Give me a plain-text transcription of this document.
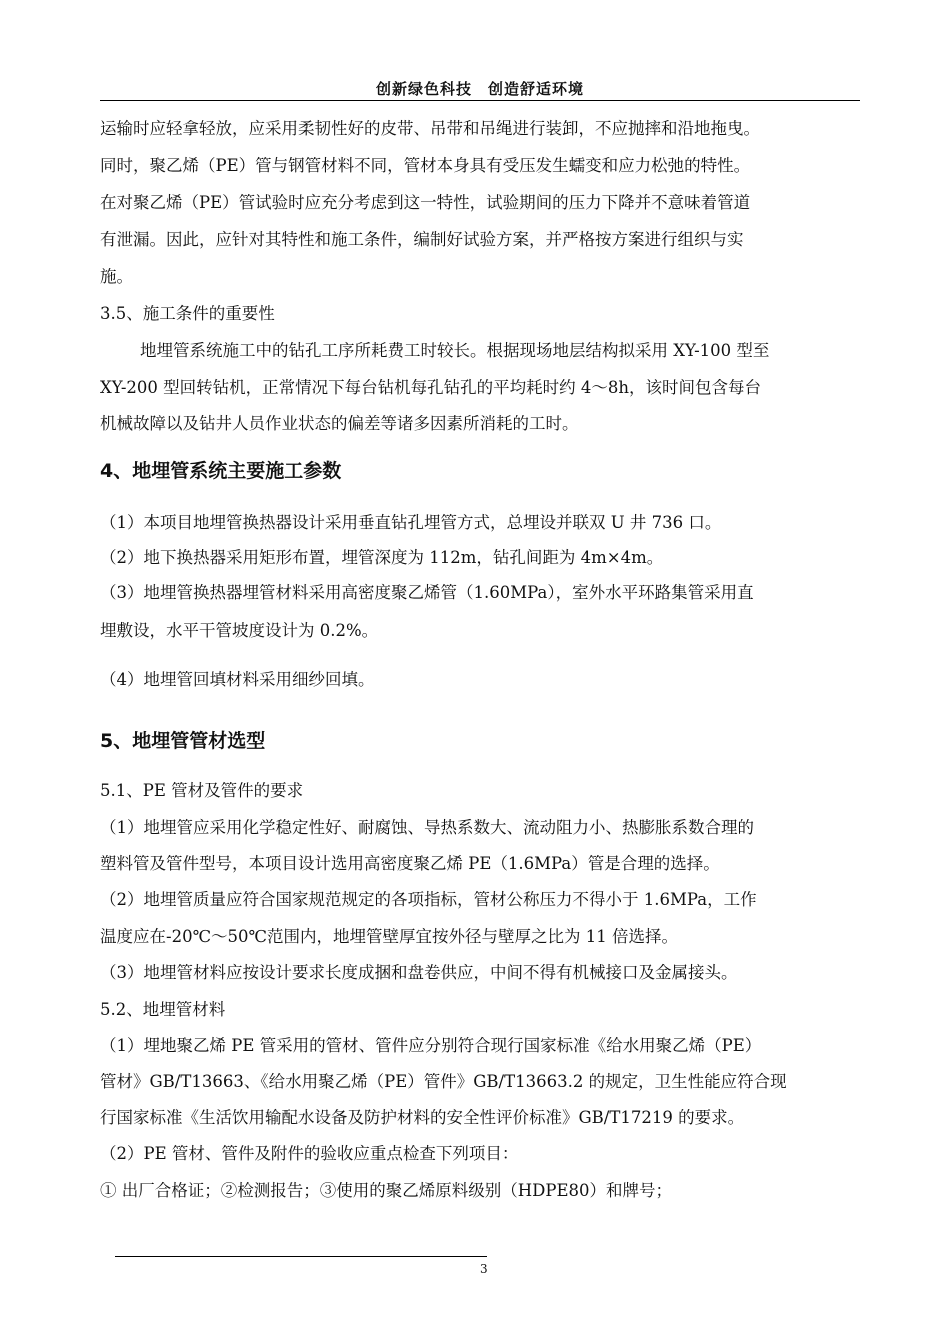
创新绿色科技　创造舒适环境
运输时应轻拿轻放，应采用柔韧性好的皮带、吊带和吊绳进行装卸，不应抛摔和沿地拖曳。
同时，聚乙烯（PE）管与钢管材料不同，管材本身具有受压发生蠕变和应力松弛的特性。
在对聚乙烯（PE）管试验时应充分考虑到这一特性，试验期间的压力下降并不意味着管道
有泄漏。因此，应针对其特性和施工条件，编制好试验方案，并严格按方案进行组织与实
施。
3.5、施工条件的重要性
地埋管系统施工中的钻孔工序所耗费工时较长。根据现场地层结构拟采用 XY-100 型至
XY-200 型回转钻机，正常情况下每台钻机每孔钻孔的平均耗时约 4～8h，该时间包含每台
机械故障以及钻井人员作业状态的偏差等诸多因素所消耗的工时。
4、地埋管系统主要施工参数
（1）本项目地埋管换热器设计采用垂直钻孔埋管方式，总埋设并联双 U 井 736 口。
（2）地下换热器采用矩形布置，埋管深度为 112m，钻孔间距为 4m×4m。
（3）地埋管换热器埋管材料采用高密度聚乙烯管（1.60MPa），室外水平环路集管采用直
埋敷设，水平干管坡度设计为 0.2%。
（4）地埋管回填材料采用细纱回填。
5、地埋管管材选型
5.1、PE 管材及管件的要求
（1）地埋管应采用化学稳定性好、耐腐蚀、导热系数大、流动阻力小、热膨胀系数合理的
塑料管及管件型号，本项目设计选用高密度聚乙烯 PE（1.6MPa）管是合理的选择。
（2）地埋管质量应符合国家规范规定的各项指标，管材公称压力不得小于 1.6MPa，工作
温度应在-20℃～50℃范围内，地埋管壁厚宜按外径与壁厚之比为 11 倍选择。
（3）地埋管材料应按设计要求长度成捆和盘卷供应，中间不得有机械接口及金属接头。
5.2、地埋管材料
（1）埋地聚乙烯 PE 管采用的管材、管件应分别符合现行国家标准《给水用聚乙烯（PE）
管材》GB/T13663、《给水用聚乙烯（PE）管件》GB/T13663.2 的规定，卫生性能应符合现
行国家标准《生活饮用输配水设备及防护材料的安全性评价标准》GB/T17219 的要求。
（2）PE 管材、管件及附件的验收应重点检查下列项目：
① 出厂合格证；②检测报告；③使用的聚乙烯原料级别（HDPE80）和牌号；
3
